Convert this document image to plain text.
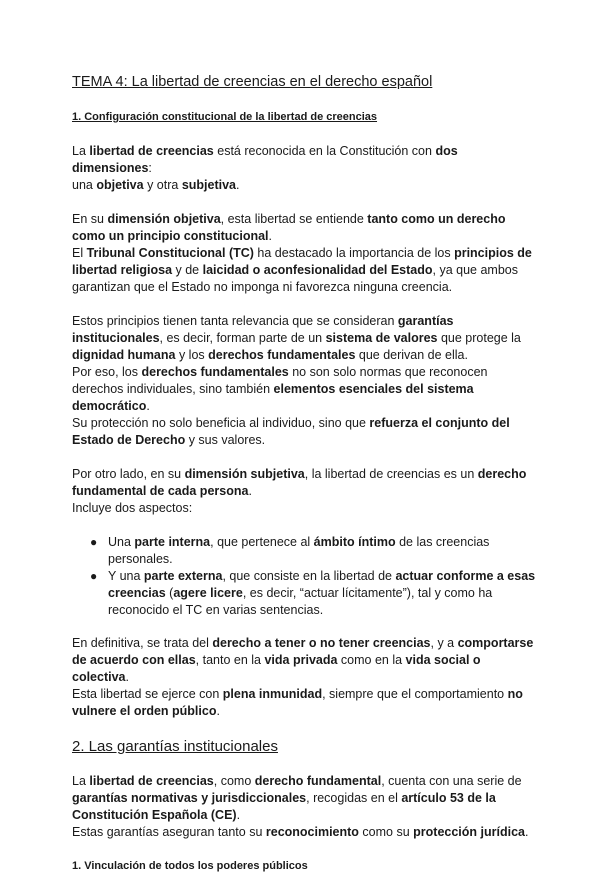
TEMA 4: La libertad de creencias en el derecho español
1. Configuración constitucional de la libertad de creencias
La libertad de creencias está reconocida en la Constitución con dos dimensiones:
una objetiva y otra subjetiva.
En su dimensión objetiva, esta libertad se entiende tanto como un derecho
como un principio constitucional.
El Tribunal Constitucional (TC) ha destacado la importancia de los principios de
libertad religiosa y de laicidad o aconfesionalidad del Estado, ya que ambos
garantizan que el Estado no imponga ni favorezca ninguna creencia.
Estos principios tienen tanta relevancia que se consideran garantías
institucionales, es decir, forman parte de un sistema de valores que protege la
dignidad humana y los derechos fundamentales que derivan de ella.
Por eso, los derechos fundamentales no son solo normas que reconocen
derechos individuales, sino también elementos esenciales del sistema
democrático.
Su protección no solo beneficia al individuo, sino que refuerza el conjunto del
Estado de Derecho y sus valores.
Por otro lado, en su dimensión subjetiva, la libertad de creencias es un derecho
fundamental de cada persona.
Incluye dos aspectos:
● Una parte interna, que pertenece al ámbito íntimo de las creencias
personales.
● Y una parte externa, que consiste en la libertad de actuar conforme a esas
creencias (agere licere, es decir, “actuar lícitamente”), tal y como ha
reconocido el TC en varias sentencias.
En definitiva, se trata del derecho a tener o no tener creencias, y a comportarse
de acuerdo con ellas, tanto en la vida privada como en la vida social o colectiva.
Esta libertad se ejerce con plena inmunidad, siempre que el comportamiento no
vulnere el orden público.
2. Las garantías institucionales
La libertad de creencias, como derecho fundamental, cuenta con una serie de
garantías normativas y jurisdiccionales, recogidas en el artículo 53 de la
Constitución Española (CE).
Estas garantías aseguran tanto su reconocimiento como su protección jurídica.
1. Vinculación de todos los poderes públicos
